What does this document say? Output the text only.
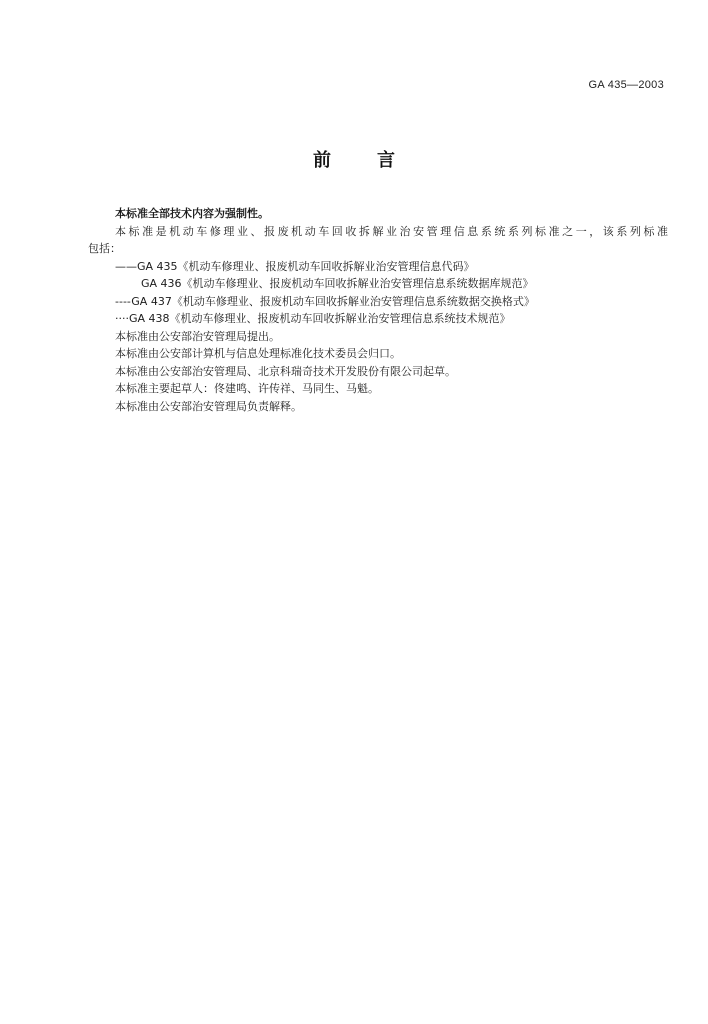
GA 435—2003
前	言
本标准全部技术内容为强制性。
本标准是机动车修理业、报废机动车回收拆解业治安管理信息系统系列标准之一，该系列标准
包括：
——GA 435《机动车修理业、报废机动车回收拆解业治安管理信息代码》
GA 436《机动车修理业、报废机动车回收拆解业治安管理信息系统数据库规范》
----GA 437《机动车修理业、报废机动车回收拆解业治安管理信息系统数据交换格式》
····GA 438《机动车修理业、报废机动车回收拆解业治安管理信息系统技术规范》
本标准由公安部治安管理局提出。
本标准由公安部计算机与信息处理标准化技术委员会归口。
本标准由公安部治安管理局、北京科瑞奇技术开发股份有限公司起草。
本标准主要起草人：佟建鸣、许传祥、马同生、马魁。
本标准由公安部治安管理局负责解释。
